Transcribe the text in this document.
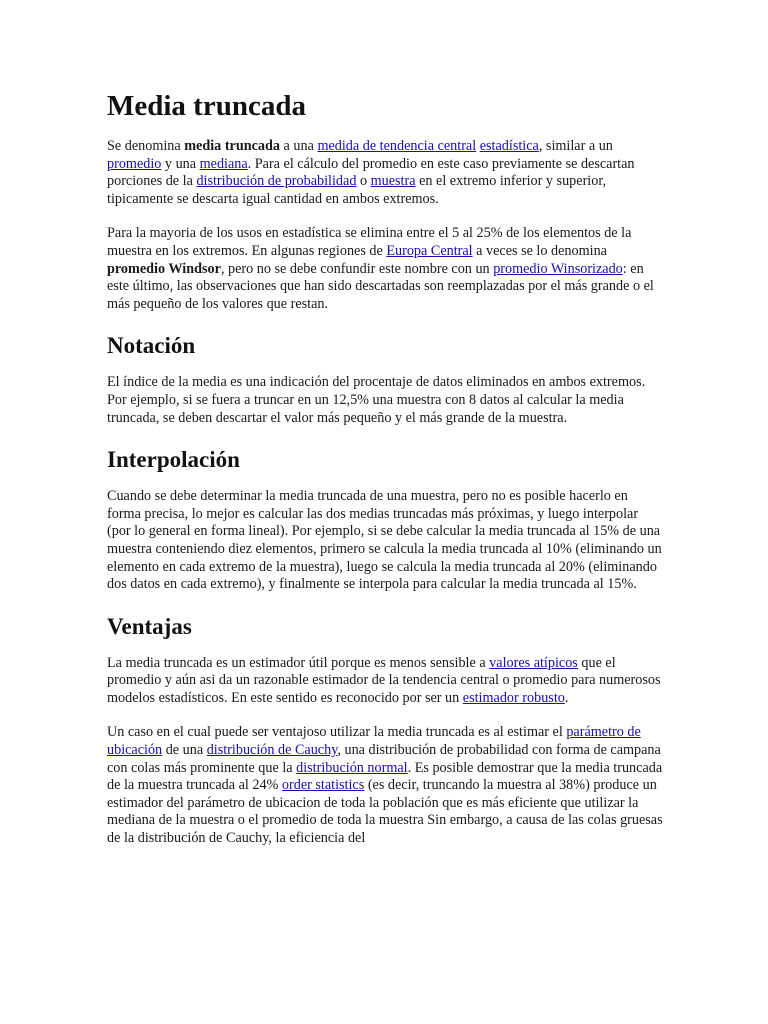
Media truncada

Se denomina media truncada a una medida de tendencia central estadística, similar a un promedio y una mediana. Para el cálculo del promedio en este caso previamente se descartan porciones de la distribución de probabilidad o muestra en el extremo inferior y superior, tipicamente se descarta igual cantidad en ambos extremos.

Para la mayoria de los usos en estadística se elimina entre el 5 al 25% de los elementos de la muestra en los extremos. En algunas regiones de Europa Central a veces se lo denomina promedio Windsor, pero no se debe confundir este nombre con un promedio Winsorizado: en este último, las observaciones que han sido descartadas son reemplazadas por el más grande o el más pequeño de los valores que restan.

Notación

El índice de la media es una indicación del procentaje de datos eliminados en ambos extremos. Por ejemplo, si se fuera a truncar en un 12,5% una muestra con 8 datos al calcular la media truncada, se deben descartar el valor más pequeño y el más grande de la muestra.

Interpolación

Cuando se debe determinar la media truncada de una muestra, pero no es posible hacerlo en forma precisa, lo mejor es calcular las dos medias truncadas más próximas, y luego interpolar (por lo general en forma lineal). Por ejemplo, si se debe calcular la media truncada al 15% de una muestra conteniendo diez elementos, primero se calcula la media truncada al 10% (eliminando un elemento en cada extremo de la muestra), luego se calcula la media truncada al 20% (eliminando dos datos en cada extremo), y finalmente se interpola para calcular la media truncada al 15%.

Ventajas

La media truncada es un estimador útil porque es menos sensible a valores atípicos que el promedio y aún asi da un razonable estimador de la tendencia central o promedio para numerosos modelos estadísticos. En este sentido es reconocido por ser un estimador robusto.

Un caso en el cual puede ser ventajoso utilizar la media truncada es al estimar el parámetro de ubicación de una distribución de Cauchy, una distribución de probabilidad con forma de campana con colas más prominente que la distribución normal. Es posible demostrar que la media truncada de la muestra truncada al 24% order statistics (es decir, truncando la muestra al 38%) produce un estimador del parámetro de ubicacion de toda la población que es más eficiente que utilizar la mediana de la muestra o el promedio de toda la muestra Sin embargo, a causa de las colas gruesas de la distribución de Cauchy, la eficiencia del
